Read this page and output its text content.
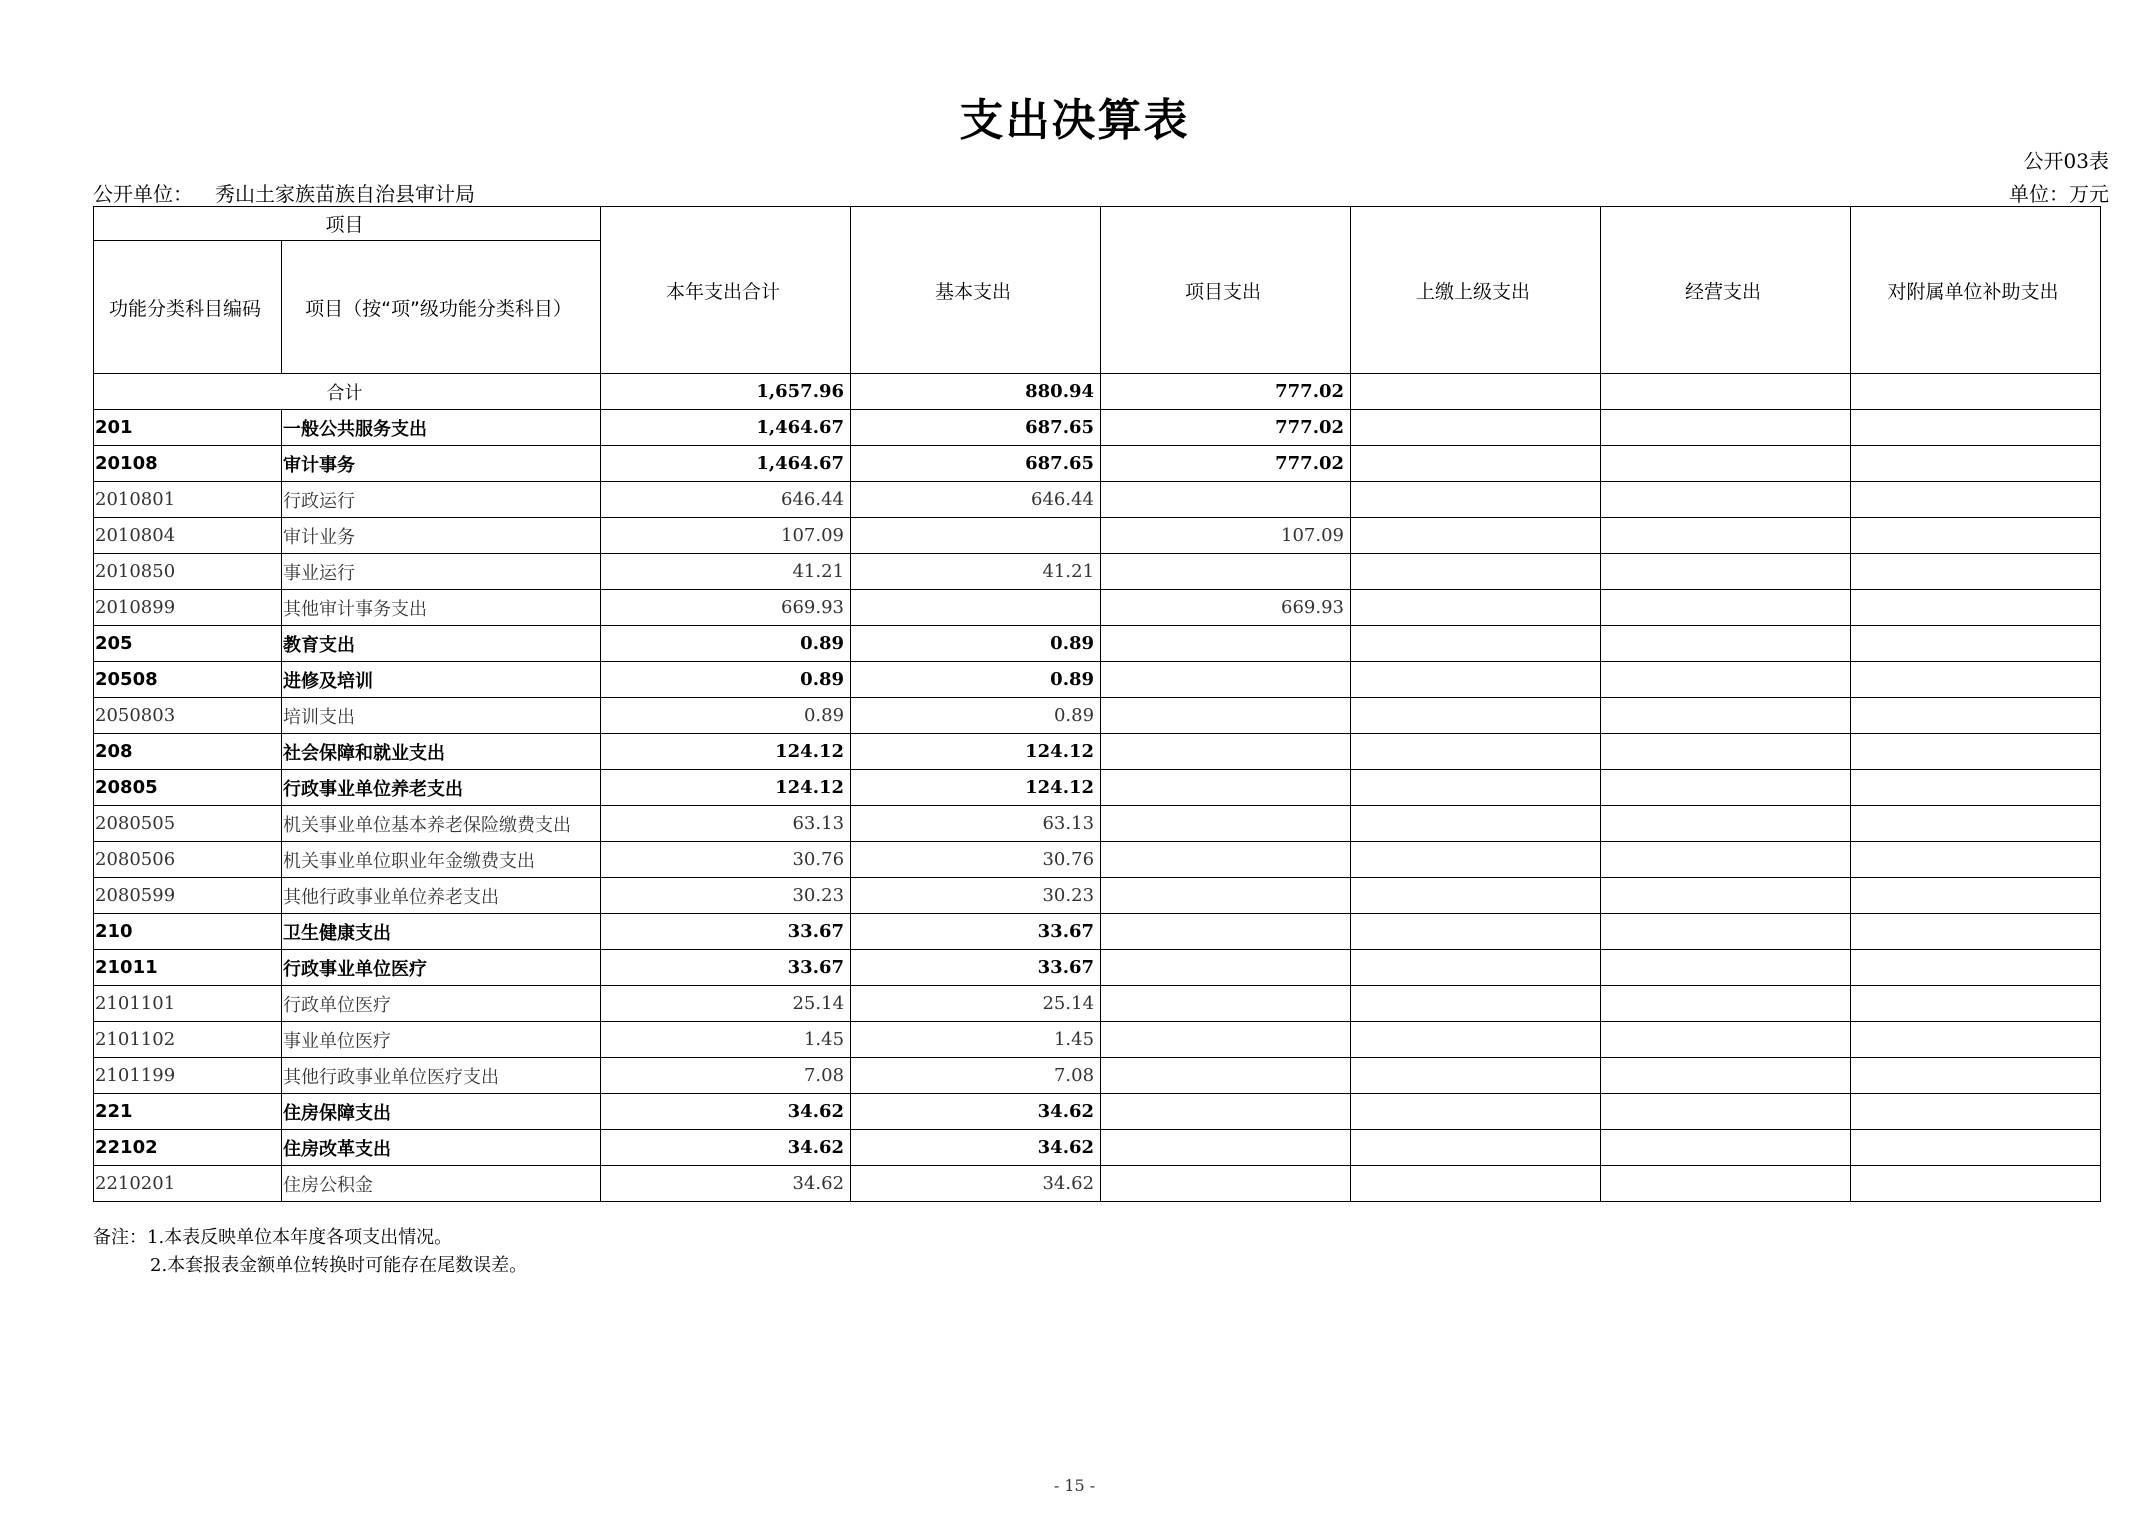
支出决算表
公开03表
公开单位： 秀山土家族苗族自治县审计局	单位：万元
项目		本年支出合计	基本支出	项目支出	上缴上级支出	经营支出	对附属单位补助支出
功能分类科目编码	项目（按“项”级功能分类科目）						
合计		1,657.96	880.94	777.02			
201	一般公共服务支出	1,464.67	687.65	777.02			
20108	审计事务	1,464.67	687.65	777.02			
2010801	行政运行	646.44	646.44				
2010804	审计业务	107.09		107.09			
2010850	事业运行	41.21	41.21				
2010899	其他审计事务支出	669.93		669.93			
205	教育支出	0.89	0.89				
20508	进修及培训	0.89	0.89				
2050803	培训支出	0.89	0.89				
208	社会保障和就业支出	124.12	124.12				
20805	行政事业单位养老支出	124.12	124.12				
2080505	机关事业单位基本养老保险缴费支出	63.13	63.13				
2080506	机关事业单位职业年金缴费支出	30.76	30.76				
2080599	其他行政事业单位养老支出	30.23	30.23				
210	卫生健康支出	33.67	33.67				
21011	行政事业单位医疗	33.67	33.67				
2101101	行政单位医疗	25.14	25.14				
2101102	事业单位医疗	1.45	1.45				
2101199	其他行政事业单位医疗支出	7.08	7.08				
221	住房保障支出	34.62	34.62				
22102	住房改革支出	34.62	34.62				
2210201	住房公积金	34.62	34.62				
备注：1.本表反映单位本年度各项支出情况。
2.本套报表金额单位转换时可能存在尾数误差。
- 15 -
